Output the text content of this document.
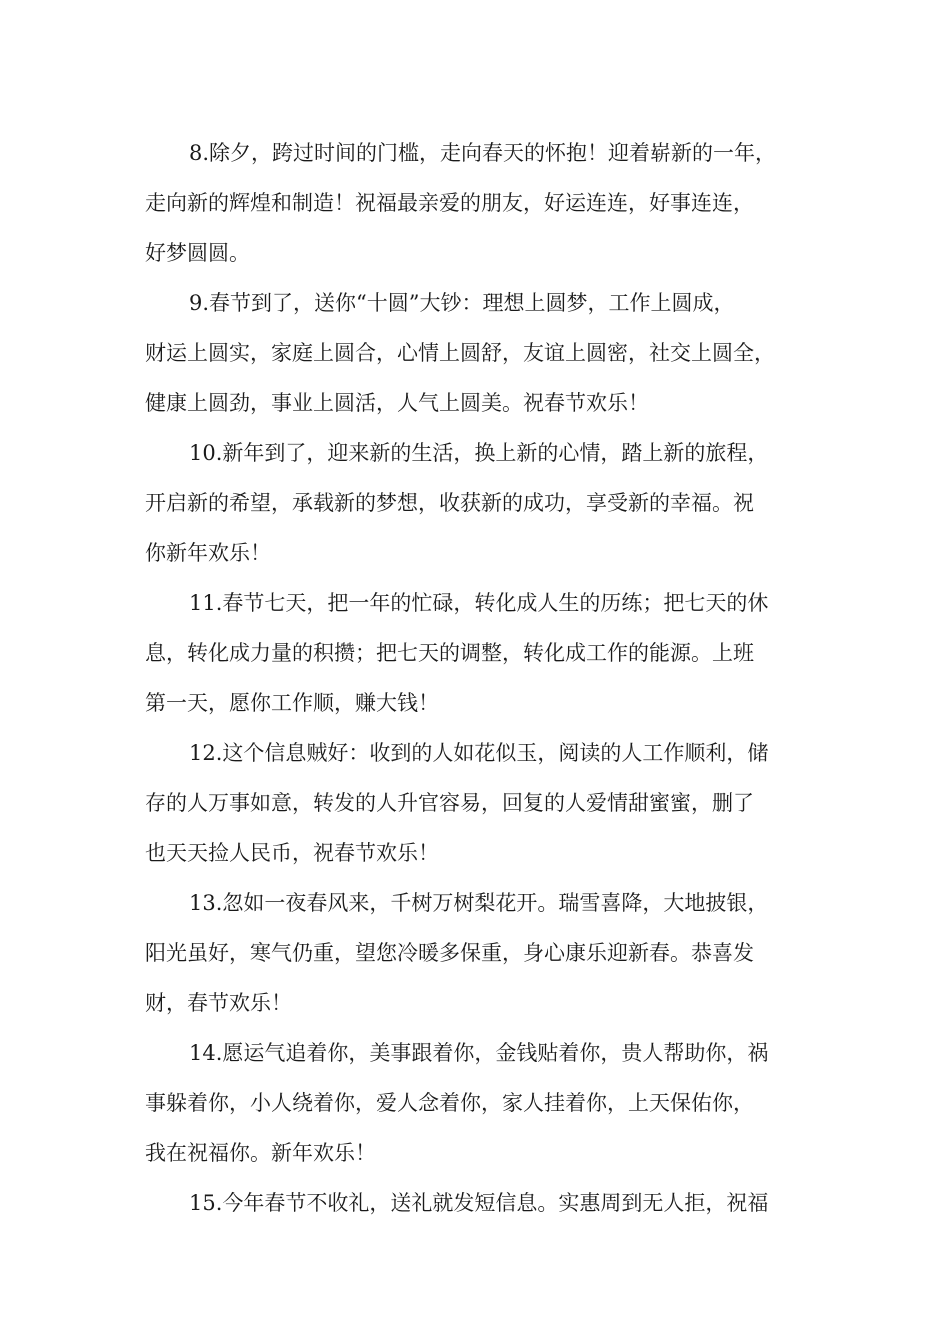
8.除夕，跨过时间的门槛，走向春天的怀抱！迎着崭新的一年，
走向新的辉煌和制造！祝福最亲爱的朋友，好运连连，好事连连，
好梦圆圆。
9.春节到了，送你“十圆”大钞：理想上圆梦，工作上圆成，
财运上圆实，家庭上圆合，心情上圆舒，友谊上圆密，社交上圆全，
健康上圆劲，事业上圆活，人气上圆美。祝春节欢乐！
10.新年到了，迎来新的生活，换上新的心情，踏上新的旅程，
开启新的希望，承载新的梦想，收获新的成功，享受新的幸福。祝
你新年欢乐！
11.春节七天，把一年的忙碌，转化成人生的历练；把七天的休
息，转化成力量的积攒；把七天的调整，转化成工作的能源。上班
第一天，愿你工作顺，赚大钱！
12.这个信息贼好：收到的人如花似玉，阅读的人工作顺利，储
存的人万事如意，转发的人升官容易，回复的人爱情甜蜜蜜，删了
也天天捡人民币，祝春节欢乐！
13.忽如一夜春风来，千树万树梨花开。瑞雪喜降，大地披银，
阳光虽好，寒气仍重，望您冷暖多保重，身心康乐迎新春。恭喜发
财，春节欢乐！
14.愿运气追着你，美事跟着你，金钱贴着你，贵人帮助你，祸
事躲着你，小人绕着你，爱人念着你，家人挂着你，上天保佑你，
我在祝福你。新年欢乐！
15.今年春节不收礼，送礼就发短信息。实惠周到无人拒，祝福
